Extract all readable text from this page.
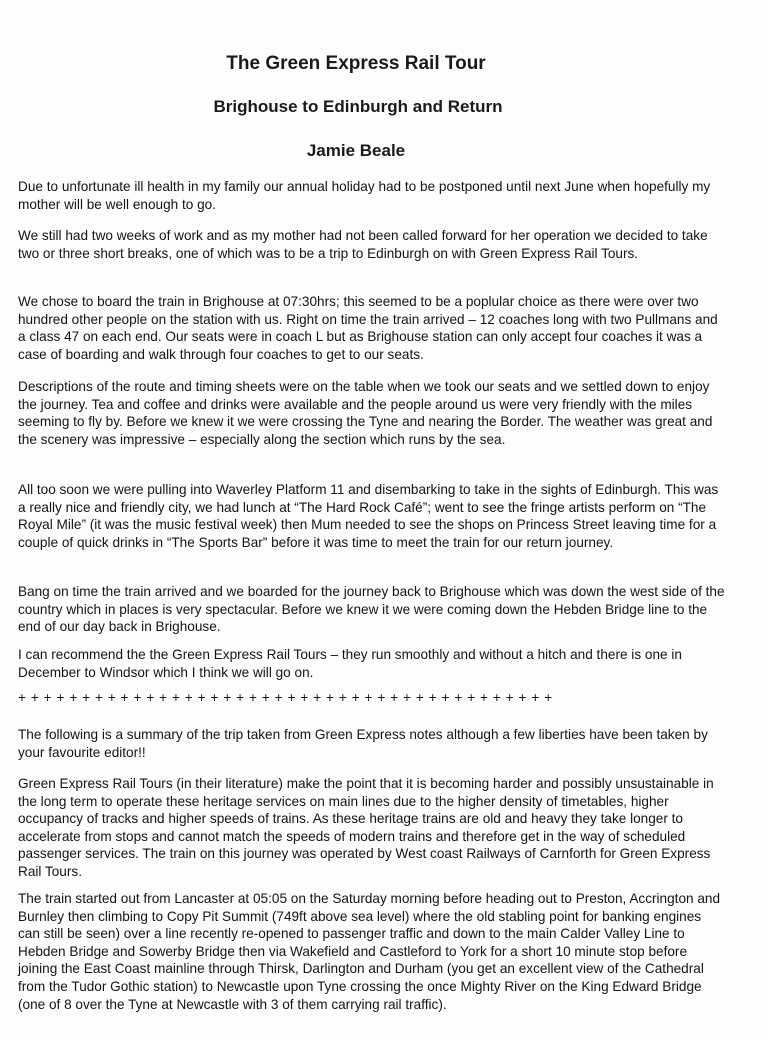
The Green Express Rail Tour
Brighouse to Edinburgh and Return
Jamie Beale

Due to unfortunate ill health in my family our annual holiday had to be postponed until next June when hopefully my mother will be well enough to go.

We still had two weeks of work and as my mother had not been called forward for her operation we decided to take two or three short breaks, one of which was to be a trip to Edinburgh on with Green Express Rail Tours.

We chose to board the train in Brighouse at 07:30hrs; this seemed to be a poplular choice as there were over two hundred other people on the station with us. Right on time the train arrived – 12 coaches long with two Pullmans and a class 47 on each end. Our seats were in coach L but as Brighouse station can only accept four coaches it was a case of boarding and walk through four coaches to get to our seats.

Descriptions of the route and timing sheets were on the table when we took our seats and we settled down to enjoy the journey. Tea and coffee and drinks were available and the people around us were very friendly with the miles seeming to fly by. Before we knew it we were crossing the Tyne and nearing the Border. The weather was great and the scenery was impressive – especially along the section which runs by the sea.

All too soon we were pulling into Waverley Platform 11 and disembarking to take in the sights of Edinburgh. This was a really nice and friendly city, we had lunch at “The Hard Rock Café”; went to see the fringe artists perform on “The Royal Mile” (it was the music festival week) then Mum needed to see the shops on Princess Street leaving time for a couple of quick drinks in “The Sports Bar” before it was time to meet the train for our return journey.

Bang on time the train arrived and we boarded for the journey back to Brighouse which was down the west side of the country which in places is very spectacular. Before we knew it we were coming down the Hebden Bridge line to the end of our day back in Brighouse.

I can recommend the the Green Express Rail Tours – they run smoothly and without a hitch and there is one in December to Windsor which I think we will go on.

+ + + + + + + + + + + + + + + + + + + + + + + + + + + + + + + + + + + + + + + + + +

The following is a summary of the trip taken from Green Express notes although a few liberties have been taken by your favourite editor!!

Green Express Rail Tours (in their literature) make the point that it is becoming harder and possibly unsustainable in the long term to operate these heritage services on main lines due to the higher density of timetables, higher occupancy of tracks and higher speeds of trains. As these heritage trains are old and heavy they take longer to accelerate from stops and cannot match the speeds of modern trains and therefore get in the way of scheduled passenger services. The train on this journey was operated by West coast Railways of Carnforth for Green Express Rail Tours.

The train started out from Lancaster at 05:05 on the Saturday morning before heading out to Preston, Accrington and Burnley then climbing to Copy Pit Summit (749ft above sea level) where the old stabling point for banking engines can still be seen) over a line recently re-opened to passenger traffic and down to the main Calder Valley Line to Hebden Bridge and Sowerby Bridge then via Wakefield and Castleford to York for a short 10 minute stop before joining the East Coast mainline through Thirsk, Darlington and Durham (you get an excellent view of the Cathedral from the Tudor Gothic station) to Newcastle upon Tyne crossing the once Mighty River on the King Edward Bridge (one of 8 over the Tyne at Newcastle with 3 of them carrying rail traffic).
